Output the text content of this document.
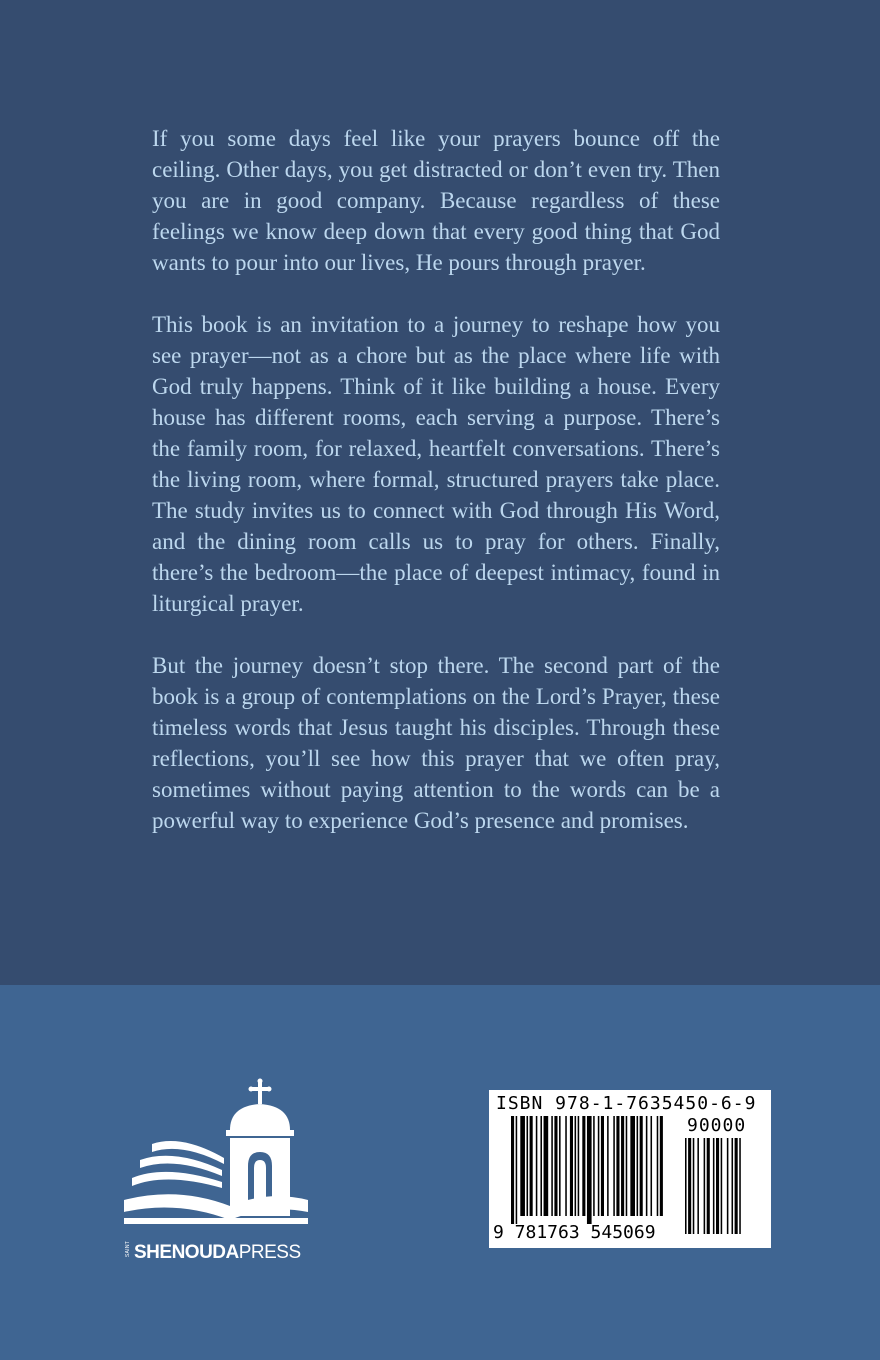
If you some days feel like your prayers bounce off the ceiling. Other days, you get distracted or don’t even try. Then you are in good company. Because regardless of these feelings we know deep down that every good thing that God wants to pour into our lives, He pours through prayer.

This book is an invitation to a journey to reshape how you see prayer—not as a chore but as the place where life with God truly happens. Think of it like building a house. Every house has different rooms, each serving a purpose. There’s the family room, for relaxed, heartfelt conversations. There’s the living room, where formal, structured prayers take place. The study invites us to connect with God through His Word, and the dining room calls us to pray for others. Finally, there’s the bedroom—the place of deepest intimacy, found in liturgical prayer.

But the journey doesn’t stop there. The second part of the book is a group of contemplations on the Lord’s Prayer, these timeless words that Jesus taught his disciples. Through these reflections, you’ll see how this prayer that we often pray, sometimes without paying attention to the words can be a powerful way to experience God’s presence and promises.

SAINT SHENOUDAPRESS
ISBN 978-1-7635450-6-9
90000
9 781763 545069
